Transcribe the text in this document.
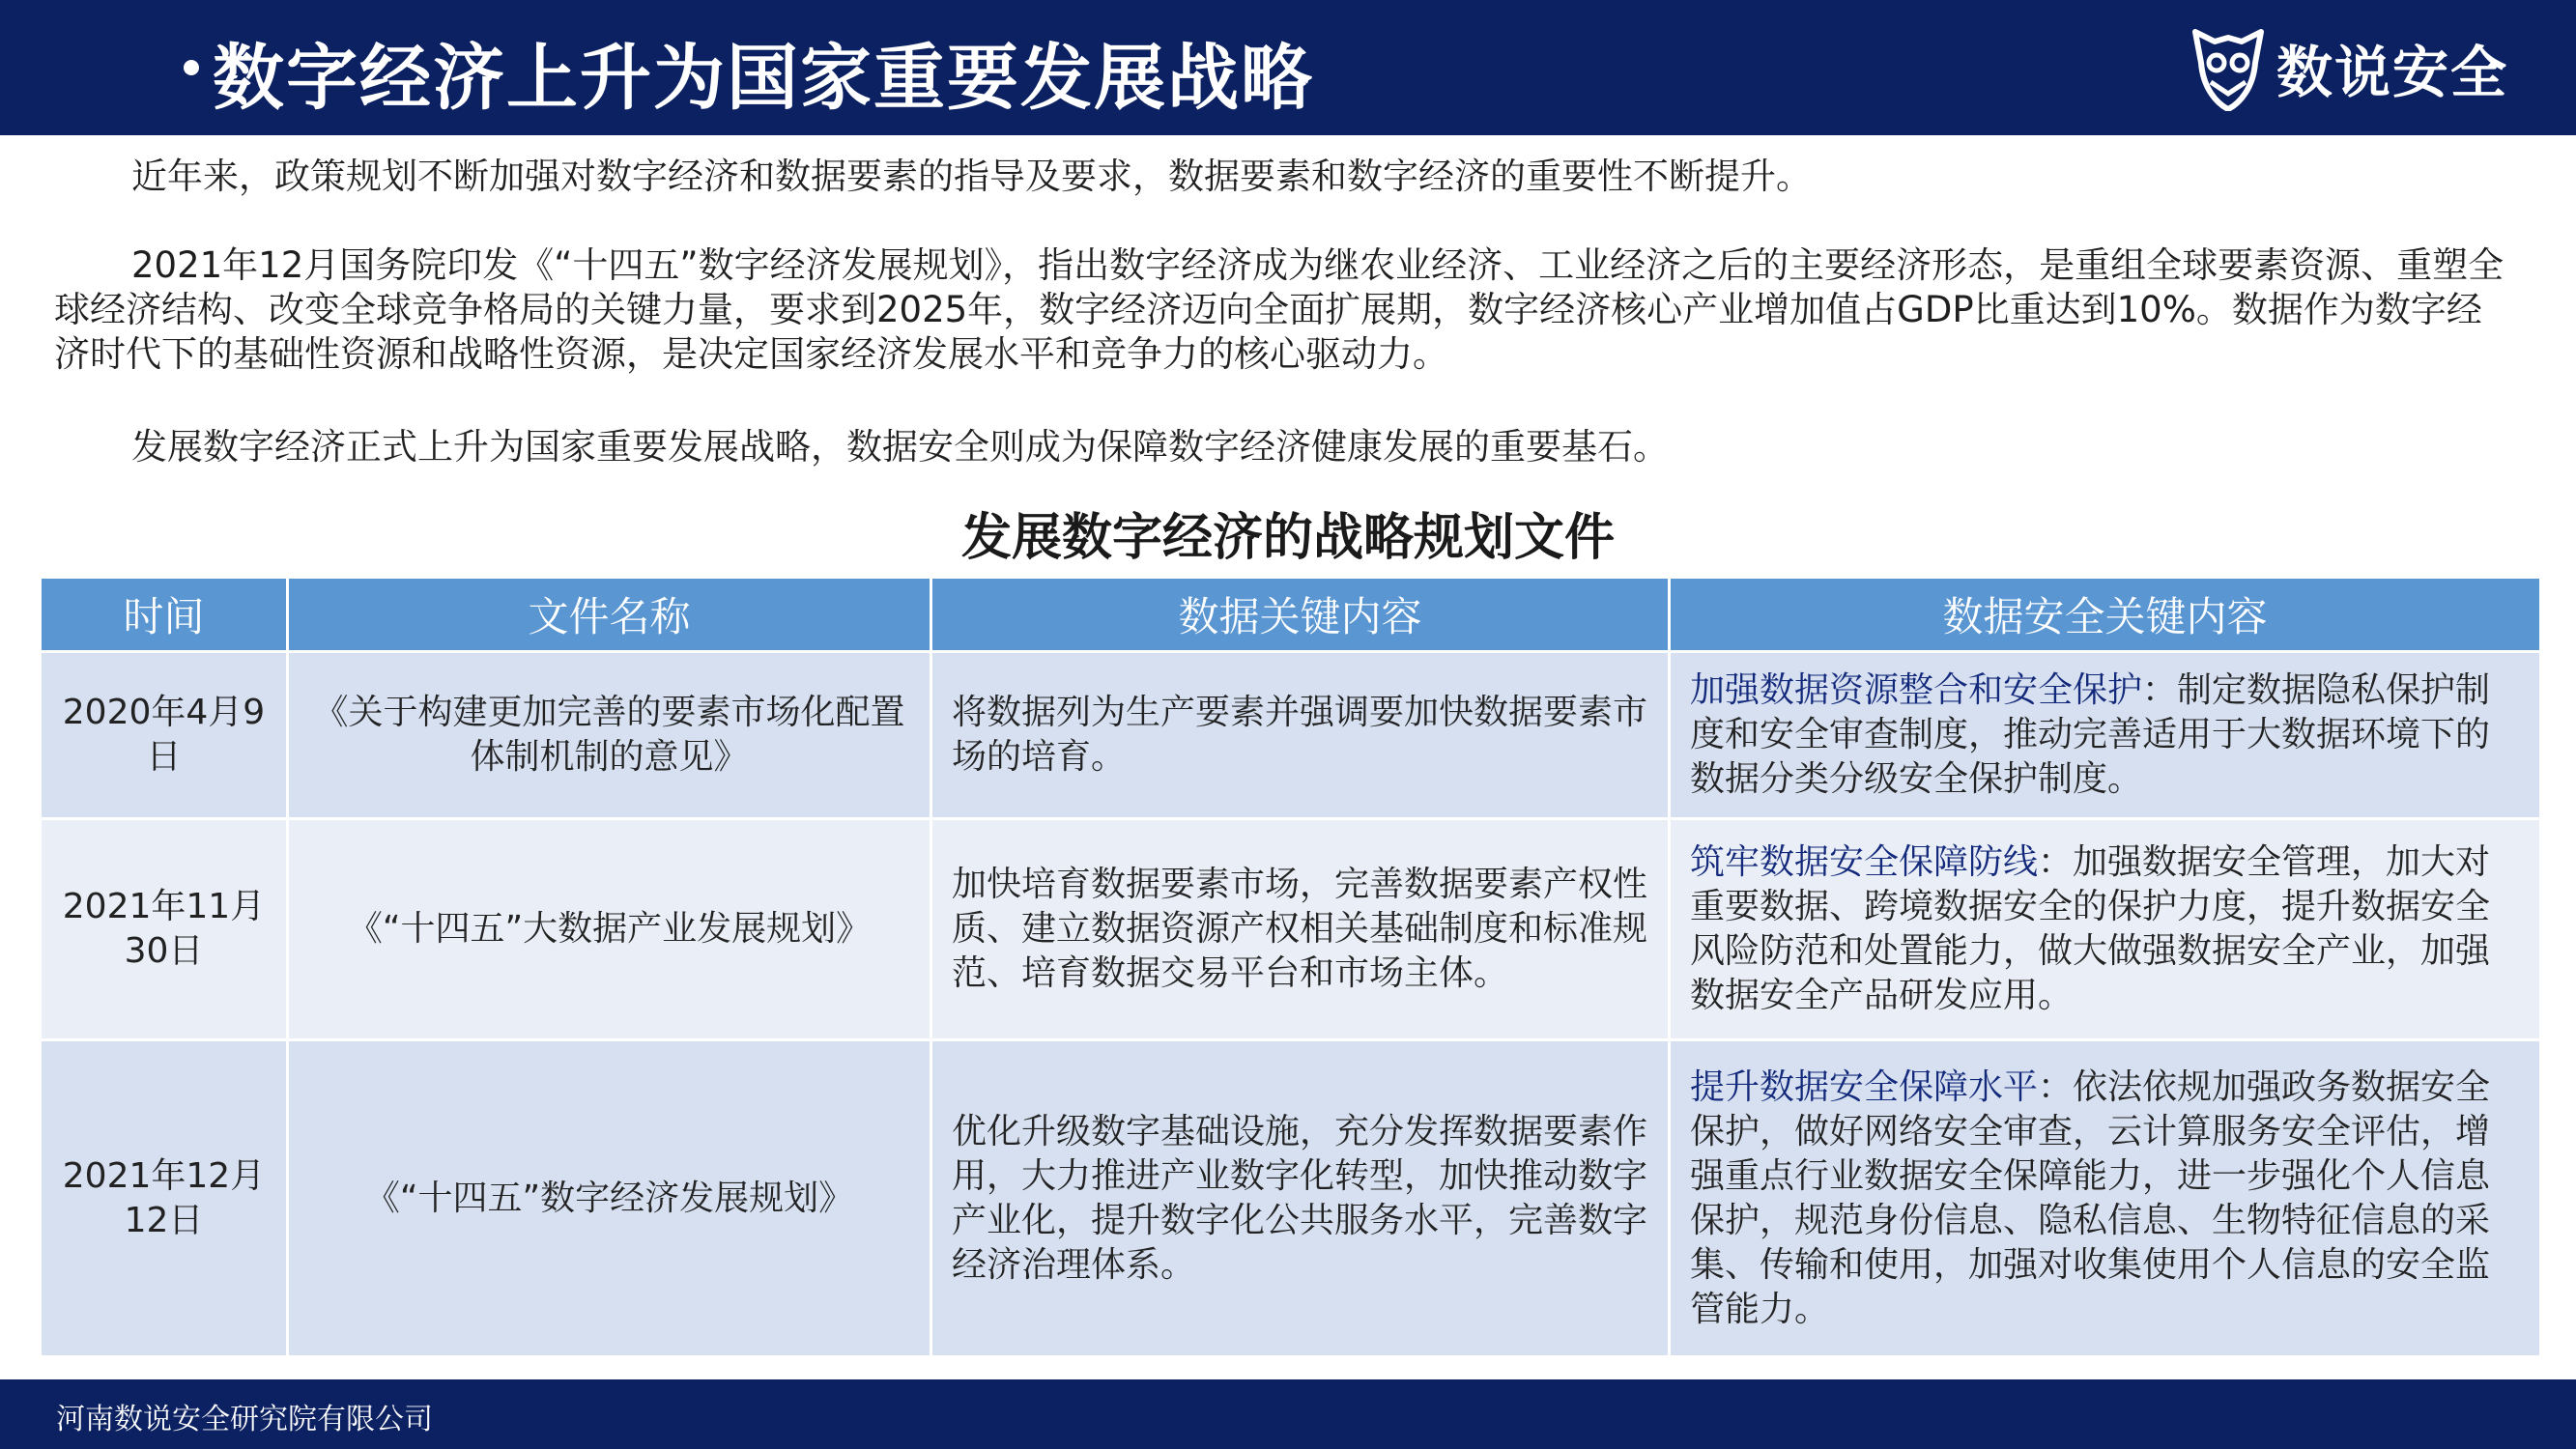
数字经济上升为国家重要发展战略	数说安全
近年来，政策规划不断加强对数字经济和数据要素的指导及要求，数据要素和数字经济的重要性不断提升。
2021年12月国务院印发《“十四五”数字经济发展规划》，指出数字经济成为继农业经济、工业经济之后的主要经济形态，是重组全球要素资源、重塑全球经济结构、改变全球竞争格局的关键力量，要求到2025年，数字经济迈向全面扩展期，数字经济核心产业增加值占GDP比重达到10%。数据作为数字经济时代下的基础性资源和战略性资源，是决定国家经济发展水平和竞争力的核心驱动力。
发展数字经济正式上升为国家重要发展战略，数据安全则成为保障数字经济健康发展的重要基石。
发展数字经济的战略规划文件
时间	文件名称	数据关键内容	数据安全关键内容
2020年4月9日	《关于构建更加完善的要素市场化配置体制机制的意见》	将数据列为生产要素并强调要加快数据要素市场的培育。	加强数据资源整合和安全保护：制定数据隐私保护制度和安全审查制度，推动完善适用于大数据环境下的数据分类分级安全保护制度。
2021年11月30日	《“十四五”大数据产业发展规划》	加快培育数据要素市场，完善数据要素产权性质、建立数据资源产权相关基础制度和标准规范、培育数据交易平台和市场主体。	筑牢数据安全保障防线：加强数据安全管理，加大对重要数据、跨境数据安全的保护力度，提升数据安全风险防范和处置能力，做大做强数据安全产业，加强数据安全产品研发应用。
2021年12月12日	《“十四五”数字经济发展规划》	优化升级数字基础设施，充分发挥数据要素作用，大力推进产业数字化转型，加快推动数字产业化，提升数字化公共服务水平，完善数字经济治理体系。	提升数据安全保障水平：依法依规加强政务数据安全保护，做好网络安全审查，云计算服务安全评估，增强重点行业数据安全保障能力，进一步强化个人信息保护，规范身份信息、隐私信息、生物特征信息的采集、传输和使用，加强对收集使用个人信息的安全监管能力。
河南数说安全研究院有限公司
